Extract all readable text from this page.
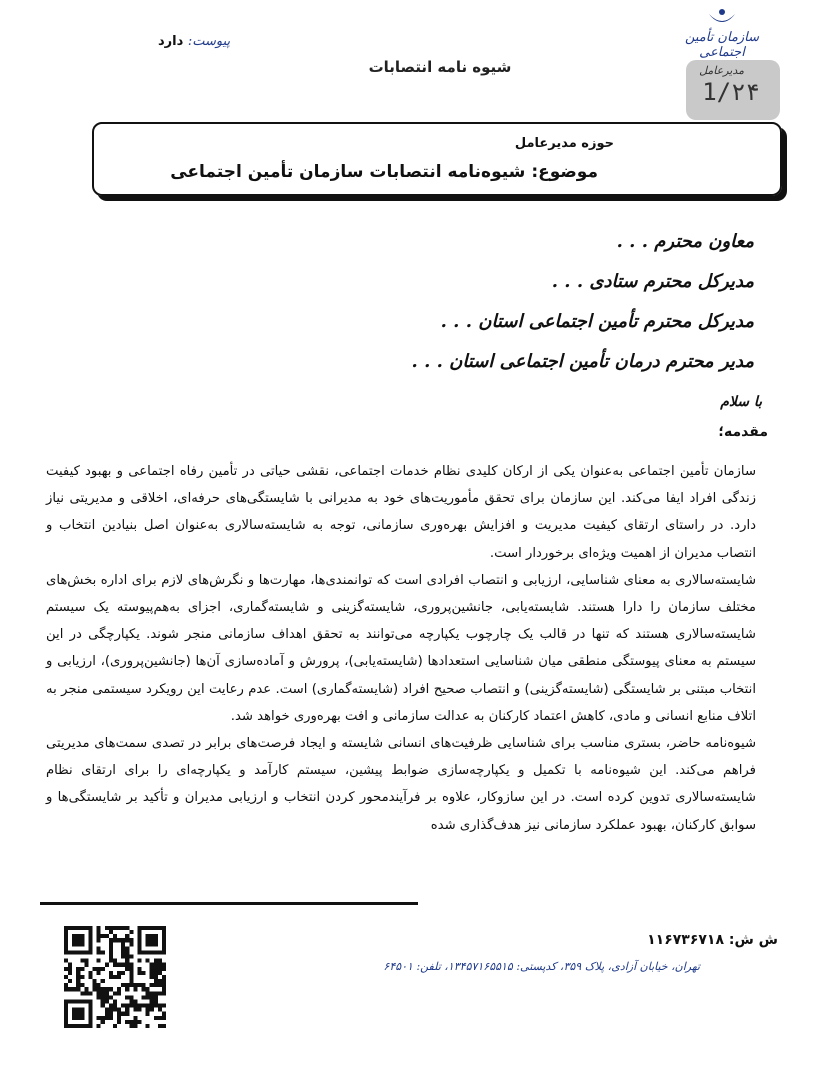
سازمان تأمین اجتماعی
پیوست: دارد
شیوه نامه انتصابات	مدیرعامل
1/۲۴
حوزه مدیرعامل
موضوع: شیوه‌نامه انتصابات سازمان تأمین اجتماعی
معاون محترم . . .
مدیرکل محترم ستادی . . .
مدیرکل محترم تأمین اجتماعی استان . . .
مدیر محترم درمان تأمین اجتماعی استان . . .
با سلام
مقدمه؛

سازمان تأمین اجتماعی به‌عنوان یکی از ارکان کلیدی نظام خدمات اجتماعی، نقشی حیاتی در تأمین رفاه اجتماعی و بهبود کیفیت زندگی افراد ایفا می‌کند. این سازمان برای تحقق مأموریت‌های خود به مدیرانی با شایستگی‌های حرفه‌ای، اخلاقی و مدیریتی نیاز دارد. در راستای ارتقای کیفیت مدیریت و افزایش بهره‌وری سازمانی، توجه به شایسته‌سالاری به‌عنوان اصل بنیادین انتخاب و انتصاب مدیران از اهمیت ویژه‌ای برخوردار است.

شایسته‌سالاری به معنای شناسایی، ارزیابی و انتصاب افرادی است که توانمندی‌ها، مهارت‌ها و نگرش‌های لازم برای اداره بخش‌های مختلف سازمان را دارا هستند. شایسته‌یابی، جانشین‌پروری، شایسته‌گزینی و شایسته‌گماری، اجزای به‌هم‌پیوسته یک سیستم شایسته‌سالاری هستند که تنها در قالب یک چارچوب یکپارچه می‌توانند به تحقق اهداف سازمانی منجر شوند. یکپارچگی در این سیستم به معنای پیوستگی منطقی میان شناسایی استعدادها (شایسته‌یابی)، پرورش و آماده‌سازی آن‌ها (جانشین‌پروری)، ارزیابی و انتخاب مبتنی بر شایستگی (شایسته‌گزینی) و انتصاب صحیح افراد (شایسته‌گماری) است. عدم رعایت این رویکرد سیستمی منجر به اتلاف منابع انسانی و مادی، کاهش اعتماد کارکنان به عدالت سازمانی و افت بهره‌وری خواهد شد.

شیوه‌نامه حاضر، بستری مناسب برای شناسایی ظرفیت‌های انسانی شایسته و ایجاد فرصت‌های برابر در تصدی سمت‌های مدیریتی فراهم می‌کند. این شیوه‌نامه با تکمیل و یکپارچه‌سازی ضوابط پیشین، سیستم کارآمد و یکپارچه‌ای را برای ارتقای نظام شایسته‌سالاری تدوین کرده است. در این سازوکار، علاوه بر فرآیندمحور کردن انتخاب و ارزیابی مدیران و تأکید بر شایستگی‌ها و سوابق کارکنان، بهبود عملکرد سازمانی نیز هدف‌گذاری شده

ش ش: ۱۱۶۷۳۶۷۱۸
تهران، خیابان آزادی، پلاک ۳۵۹، کدپستی: ۱۳۴۵۷۱۶۵۵۱۵، تلفن: ۶۴۵۰۱
